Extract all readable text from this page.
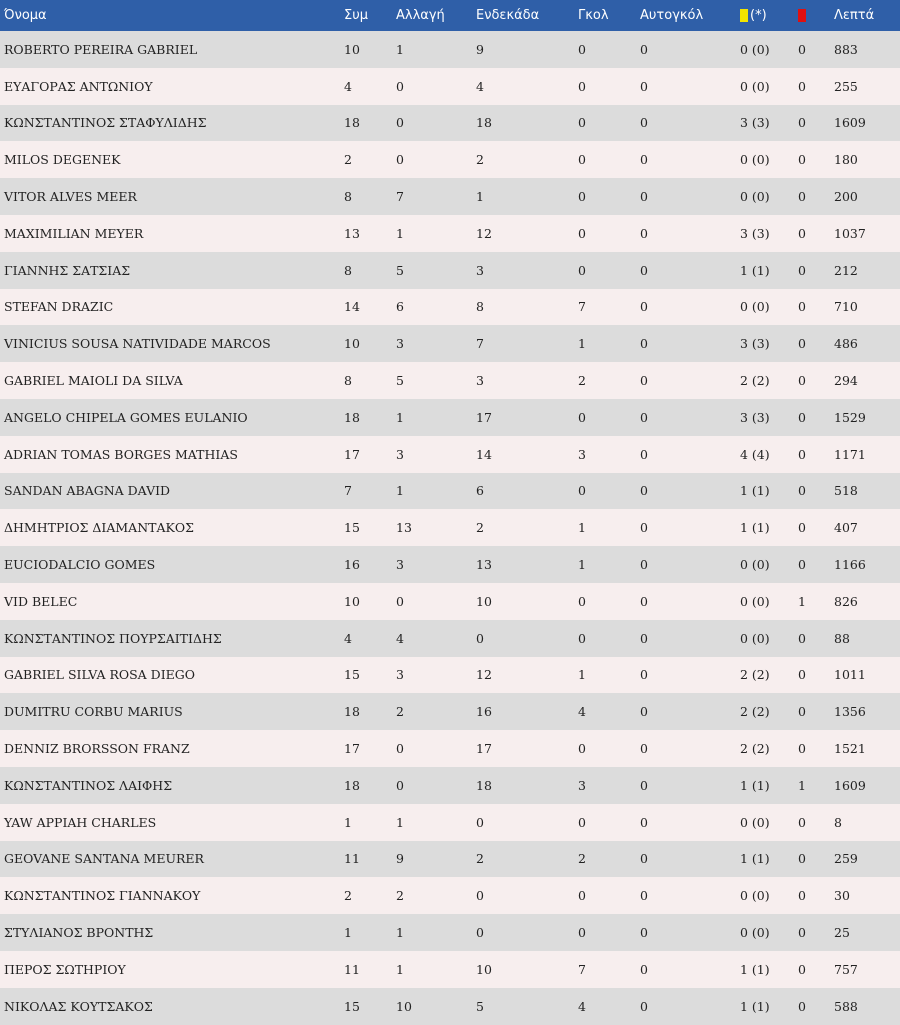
Όνομα	Συμ	Αλλαγή	Ενδεκάδα	Γκολ	Αυτογκόλ	(*)		Λεπτά
ROBERTO PEREIRA GABRIEL	10	1	9	0	0	0 (0)	0	883
ΕΥΑΓΟΡΑΣ ΑΝΤΩΝΙΟΥ	4	0	4	0	0	0 (0)	0	255
ΚΩΝΣΤΑΝΤΙΝΟΣ ΣΤΑΦΥΛΙΔΗΣ	18	0	18	0	0	3 (3)	0	1609
MILOS DEGENEK	2	0	2	0	0	0 (0)	0	180
VITOR ALVES MEER	8	7	1	0	0	0 (0)	0	200
MAXIMILIAN MEYER	13	1	12	0	0	3 (3)	0	1037
ΓΙΑΝΝΗΣ ΣΑΤΣΙΑΣ	8	5	3	0	0	1 (1)	0	212
STEFAN DRAZIC	14	6	8	7	0	0 (0)	0	710
VINICIUS SOUSA NATIVIDADE MARCOS	10	3	7	1	0	3 (3)	0	486
GABRIEL MAIOLI DA SILVA	8	5	3	2	0	2 (2)	0	294
ANGELO CHIPELA GOMES EULANIO	18	1	17	0	0	3 (3)	0	1529
ADRIAN TOMAS BORGES MATHIAS	17	3	14	3	0	4 (4)	0	1171
SANDAN ABAGNA DAVID	7	1	6	0	0	1 (1)	0	518
ΔΗΜΗΤΡΙΟΣ ΔΙΑΜΑΝΤΑΚΟΣ	15	13	2	1	0	1 (1)	0	407
EUCIODALCIO GOMES	16	3	13	1	0	0 (0)	0	1166
VID BELEC	10	0	10	0	0	0 (0)	1	826
ΚΩΝΣΤΑΝΤΙΝΟΣ ΠΟΥΡΣΑΙΤΙΔΗΣ	4	4	0	0	0	0 (0)	0	88
GABRIEL SILVA ROSA DIEGO	15	3	12	1	0	2 (2)	0	1011
DUMITRU CORBU MARIUS	18	2	16	4	0	2 (2)	0	1356
DENNIZ BRORSSON FRANZ	17	0	17	0	0	2 (2)	0	1521
ΚΩΝΣΤΑΝΤΙΝΟΣ ΛΑΙΦΗΣ	18	0	18	3	0	1 (1)	1	1609
YAW APPIAH CHARLES	1	1	0	0	0	0 (0)	0	8
GEOVANE SANTANA MEURER	11	9	2	2	0	1 (1)	0	259
ΚΩΝΣΤΑΝΤΙΝΟΣ ΓΙΑΝΝΑΚΟΥ	2	2	0	0	0	0 (0)	0	30
ΣΤΥΛΙΑΝΟΣ ΒΡΟΝΤΗΣ	1	1	0	0	0	0 (0)	0	25
ΠΕΡΟΣ ΣΩΤΗΡΙΟΥ	11	1	10	7	0	1 (1)	0	757
ΝΙΚΟΛΑΣ ΚΟΥΤΣΑΚΟΣ	15	10	5	4	0	1 (1)	0	588
